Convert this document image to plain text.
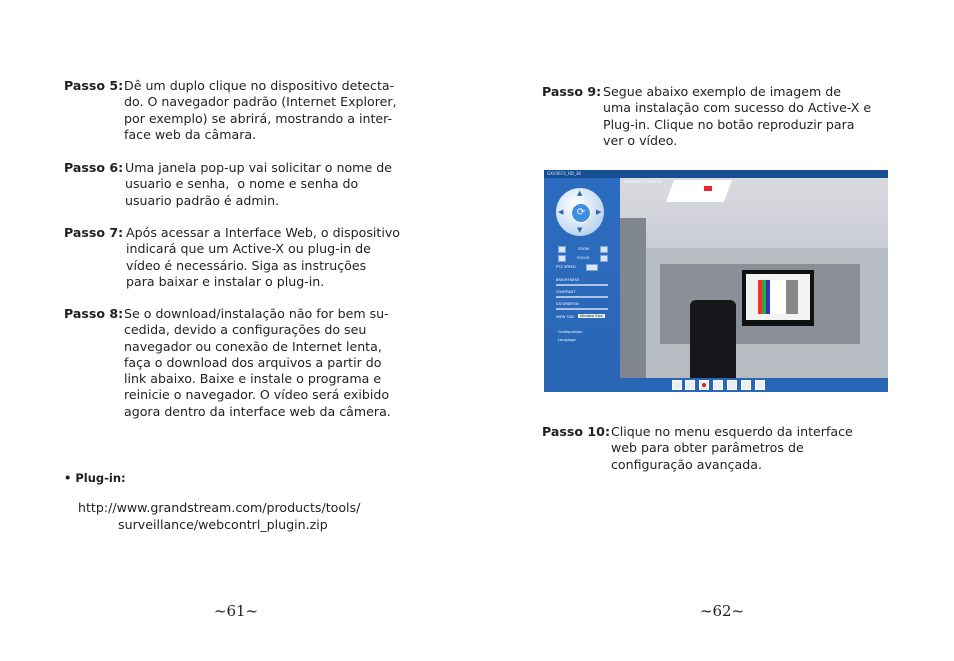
Passo 5: Dê um duplo clique no dispositivo detecta-
do. O navegador padrão (Internet Explorer,
por exemplo) se abrirá, mostrando a inter-
face web da câmara.
Passo 6: Uma janela pop-up vai solicitar o nome de
usuario e senha,  o nome e senha do
usuario padrão é admin.
Passo 7: Após acessar a Interface Web, o dispositivo
indicará que um Active-X ou plug-in de
vídeo é necessário. Siga as instruções
para baixar e instalar o plug-in.
Passo 8: Se o download/instalação não for bem su-
cedida, devido a configurações do seu
navegador ou conexão de Internet lenta,
faça o download dos arquivos a partir do
link abaixo. Baixe e instale o programa e
reinicie o navegador. O vídeo será exibido
agora dentro da interface web da câmera.
• Plug-in:
http://www.grandstream.com/products/tools/
surveillance/webcontrl_plugin.zip
~61~
Passo 9: Segue abaixo exemplo de imagem de
uma instalação com sucesso do Active-X e
Plug-in. Clique no botão reproduzir para
ver o vídeo.
Passo 10: Clique no menu esquerdo da interface
web para obter parâmetros de
configuração avançada.
~62~
GXV3672_HD_36
▲
▼
◀	▶
⟳
ZOOM
FOCUS
PTZ SPEED
BRIGHTNESS
CONTRAST
SATURATION
VIEW SIZE	Window Size
Configuration
Language
2012/02/21 16:37:41
